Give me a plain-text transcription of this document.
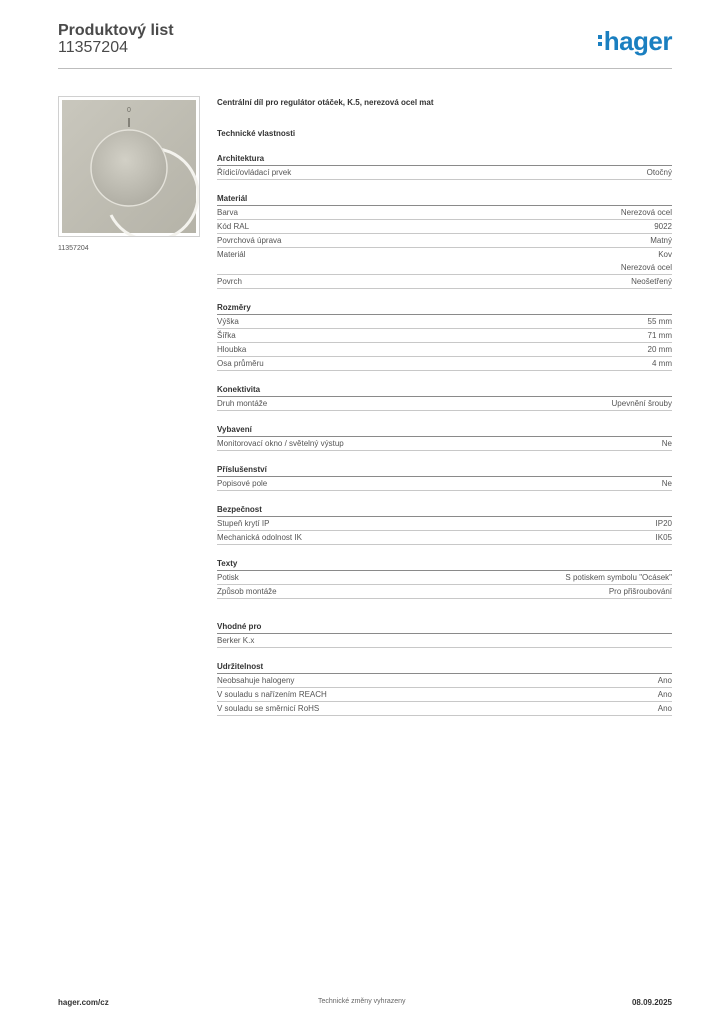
Produktový list
11357204	hager
0
11357204
Centrální díl pro regulátor otáček, K.5, nerezová ocel mat
Technické vlastnosti
Architektura
Řídicí/ovládací prvek	Otočný
Materiál
Barva	Nerezová ocel
Kód RAL	9022
Povrchová úprava	Matný
Materiál	Kov
Nerezová ocel
Povrch	Neošetřený
Rozměry
Výška	55 mm
Šířka	71 mm
Hloubka	20 mm
Osa průměru	4 mm
Konektivita
Druh montáže	Upevnění šrouby
Vybavení
Monitorovací okno / světelný výstup	Ne
Příslušenství
Popisové pole	Ne
Bezpečnost
Stupeň krytí IP	IP20
Mechanická odolnost IK	IK05
Texty
Potisk	S potiskem symbolu "Ocásek"
Způsob montáže	Pro přišroubování
Vhodné pro
Berker K.x
Udržitelnost
Neobsahuje halogeny	Ano
V souladu s nařízením REACH	Ano
V souladu se směrnicí RoHS	Ano
hager.com/cz	Technické změny vyhrazeny	08.09.2025
